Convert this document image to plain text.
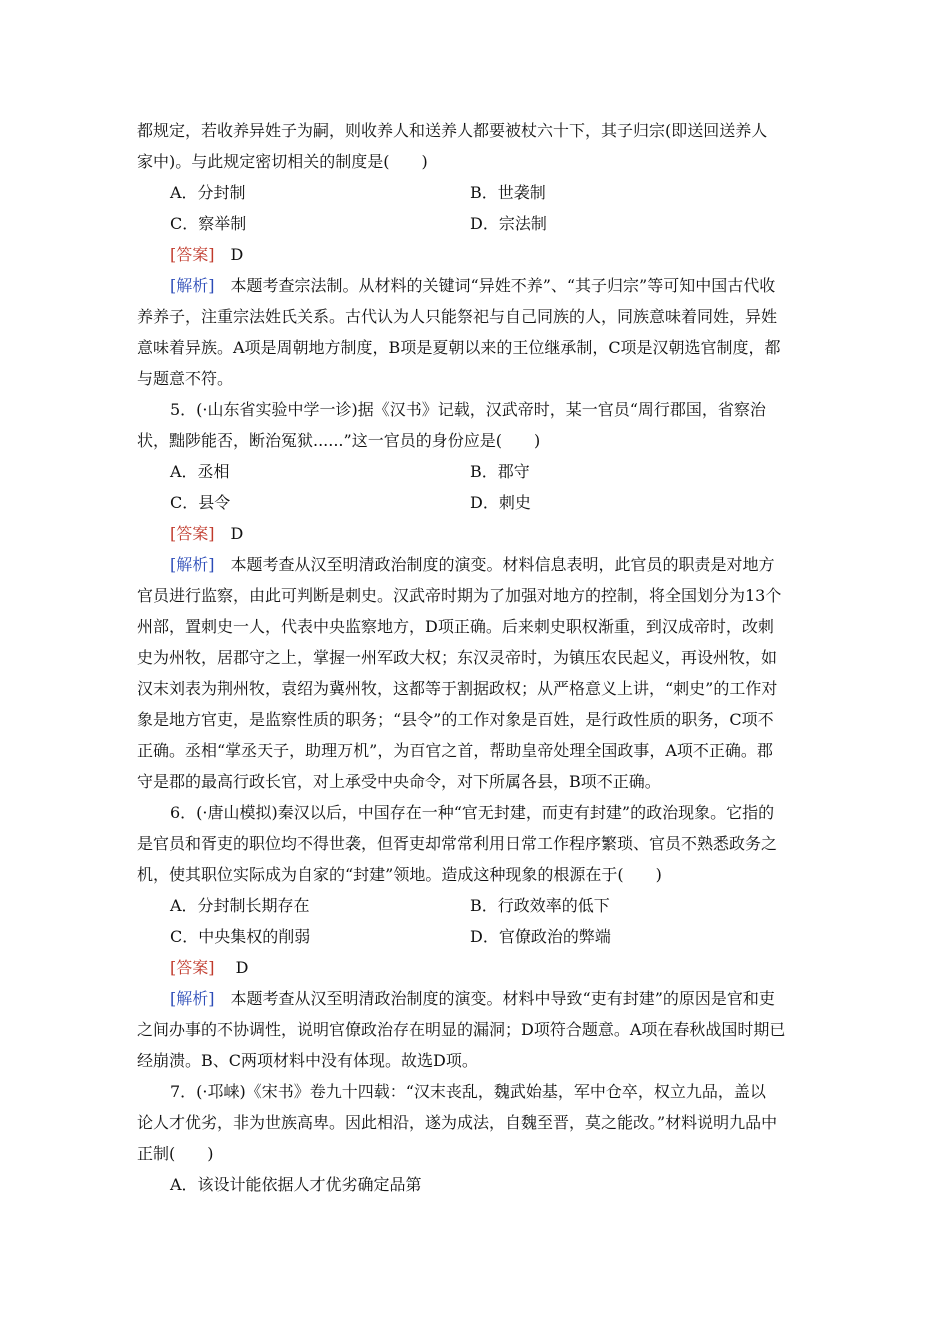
都规定，若收养异姓子为嗣，则收养人和送养人都要被杖六十下，其子归宗(即送回送养人
家中)。与此规定密切相关的制度是(　　)
A．分封制	B．世袭制
C．察举制	D．宗法制
[答案]　 D
[解析]　 本题考查宗法制。从材料的关键词“异姓不养”、“其子归宗”等可知中国古代收
养养子，注重宗法姓氏关系。古代认为人只能祭祀与自己同族的人，同族意味着同姓，异姓
意味着异族。A项是周朝地方制度，B项是夏朝以来的王位继承制，C项是汉朝选官制度，都
与题意不符。
5．(·山东省实验中学一诊)据《汉书》记载，汉武帝时，某一官员“周行郡国，省察治
状，黜陟能否，断治冤狱......”这一官员的身份应是(　　)
A．丞相	B．郡守
C．县令	D．刺史
[答案]　 D
[解析]　 本题考查从汉至明清政治制度的演变。材料信息表明，此官员的职责是对地方
官员进行监察，由此可判断是刺史。汉武帝时期为了加强对地方的控制，将全国划分为13个
州部，置刺史一人，代表中央监察地方，D项正确。后来刺史职权渐重，到汉成帝时，改刺
史为州牧，居郡守之上，掌握一州军政大权；东汉灵帝时，为镇压农民起义，再设州牧，如
汉末刘表为荆州牧，袁绍为冀州牧，这都等于割据政权；从严格意义上讲，“刺史”的工作对
象是地方官吏，是监察性质的职务；“县令”的工作对象是百姓，是行政性质的职务，C项不
正确。丞相“掌丞天子，助理万机”，为百官之首，帮助皇帝处理全国政事，A项不正确。郡
守是郡的最高行政长官，对上承受中央命令，对下所属各县，B项不正确。
6．(·唐山模拟)秦汉以后，中国存在一种“官无封建，而吏有封建”的政治现象。它指的
是官员和胥吏的职位均不得世袭，但胥吏却常常利用日常工作程序繁琐、官员不熟悉政务之
机，使其职位实际成为自家的“封建”领地。造成这种现象的根源在于(　　)
A．分封制长期存在	B．行政效率的低下
C．中央集权的削弱	D．官僚政治的弊端
[答案]　 D
[解析]　 本题考查从汉至明清政治制度的演变。材料中导致“吏有封建”的原因是官和吏
之间办事的不协调性，说明官僚政治存在明显的漏洞；D项符合题意。A项在春秋战国时期已
经崩溃。B、C两项材料中没有体现。故选D项。
7．(·邛崃)《宋书》卷九十四载：“汉末丧乱，魏武始基，军中仓卒，权立九品，盖以
论人才优劣，非为世族高卑。因此相沿，遂为成法，自魏至晋，莫之能改。”材料说明九品中
正制(　　)
A．该设计能依据人才优劣确定品第
